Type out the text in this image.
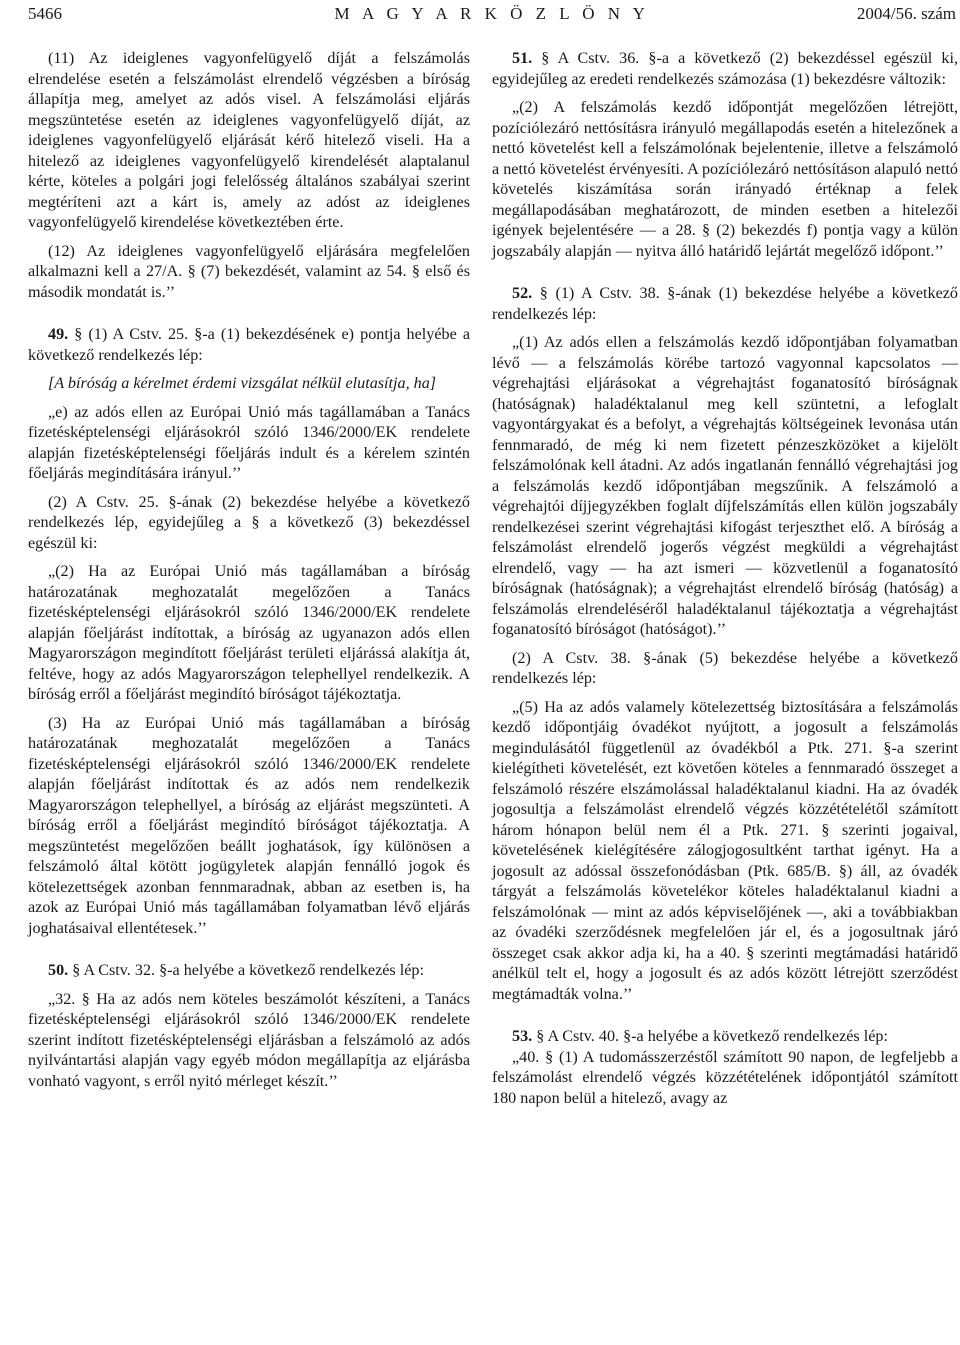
5466	M A G Y A R K Ö Z L Ö N Y	2004/56. szám

(11) Az ideiglenes vagyonfelügyelő díját a felszámolás elrendelése esetén a felszámolást elrendelő végzésben a bíróság állapítja meg, amelyet az adós visel. A felszámolási eljárás megszüntetése esetén az ideiglenes vagyonfelügyelő díját, az ideiglenes vagyonfelügyelő eljárását kérő hitelező viseli. Ha a hitelező az ideiglenes vagyonfelügyelő kirendelését alaptalanul kérte, köteles a polgári jogi felelősség általános szabályai szerint megtéríteni azt a kárt is, amely az adóst az ideiglenes vagyonfelügyelő kirendelése következtében érte.

(12) Az ideiglenes vagyonfelügyelő eljárására megfelelően alkalmazni kell a 27/A. § (7) bekezdését, valamint az 54. § első és második mondatát is.’’

49. § (1) A Cstv. 25. §-a (1) bekezdésének e) pontja helyébe a következő rendelkezés lép:

[A bíróság a kérelmet érdemi vizsgálat nélkül elutasítja, ha]

„e) az adós ellen az Európai Unió más tagállamában a Tanács fizetésképtelenségi eljárásokról szóló 1346/2000/EK rendelete alapján fizetésképtelenségi főeljárás indult és a kérelem szintén főeljárás megindítására irányul.’’

(2) A Cstv. 25. §-ának (2) bekezdése helyébe a következő rendelkezés lép, egyidejűleg a § a következő (3) bekezdéssel egészül ki:

„(2) Ha az Európai Unió más tagállamában a bíróság határozatának meghozatalát megelőzően a Tanács fizetésképtelenségi eljárásokról szóló 1346/2000/EK rendelete alapján főeljárást indítottak, a bíróság az ugyanazon adós ellen Magyarországon megindított főeljárást területi eljárássá alakítja át, feltéve, hogy az adós Magyarországon telephellyel rendelkezik. A bíróság erről a főeljárást megindító bíróságot tájékoztatja.

(3) Ha az Európai Unió más tagállamában a bíróság határozatának meghozatalát megelőzően a Tanács fizetésképtelenségi eljárásokról szóló 1346/2000/EK rendelete alapján főeljárást indítottak és az adós nem rendelkezik Magyarországon telephellyel, a bíróság az eljárást megszünteti. A bíróság erről a főeljárást megindító bíróságot tájékoztatja. A megszüntetést megelőzően beállt joghatások, így különösen a felszámoló által kötött jogügyletek alapján fennálló jogok és kötelezettségek azonban fennmaradnak, abban az esetben is, ha azok az Európai Unió más tagállamában folyamatban lévő eljárás joghatásaival ellentétesek.’’

50. § A Cstv. 32. §-a helyébe a következő rendelkezés lép:

„32. § Ha az adós nem köteles beszámolót készíteni, a Tanács fizetésképtelenségi eljárásokról szóló 1346/2000/EK rendelete szerint indított fizetésképtelenségi eljárásban a felszámoló az adós nyilvántartási alapján vagy egyéb módon megállapítja az eljárásba vonható vagyont, s erről nyitó mérleget készít.’’

51. § A Cstv. 36. §-a a következő (2) bekezdéssel egészül ki, egyidejűleg az eredeti rendelkezés számozása (1) bekezdésre változik:

„(2) A felszámolás kezdő időpontját megelőzően létrejött, pozíciólezáró nettósításra irányuló megállapodás esetén a hitelezőnek a nettó követelést kell a felszámolónak bejelentenie, illetve a felszámoló a nettó követelést érvényesíti. A pozíciólezáró nettósításon alapuló nettó követelés kiszámítása során irányadó értéknap a felek megállapodásában meghatározott, de minden esetben a hitelezői igények bejelentésére — a 28. § (2) bekezdés f) pontja vagy a külön jogszabály alapján — nyitva álló határidő lejártát megelőző időpont.’’

52. § (1) A Cstv. 38. §-ának (1) bekezdése helyébe a következő rendelkezés lép:

„(1) Az adós ellen a felszámolás kezdő időpontjában folyamatban lévő — a felszámolás körébe tartozó vagyonnal kapcsolatos — végrehajtási eljárásokat a végrehajtást foganatosító bíróságnak (hatóságnak) haladéktalanul meg kell szüntetni, a lefoglalt vagyontárgyakat és a befolyt, a végrehajtás költségeinek levonása után fennmaradó, de még ki nem fizetett pénzeszközöket a kijelölt felszámolónak kell átadni. Az adós ingatlanán fennálló végrehajtási jog a felszámolás kezdő időpontjában megszűnik. A felszámoló a végrehajtói díjjegyzékben foglalt díjfelszámítás ellen külön jogszabály rendelkezései szerint végrehajtási kifogást terjeszthet elő. A bíróság a felszámolást elrendelő jogerős végzést megküldi a végrehajtást elrendelő, vagy — ha azt ismeri — közvetlenül a foganatosító bíróságnak (hatóságnak); a végrehajtást elrendelő bíróság (hatóság) a felszámolás elrendeléséről haladéktalanul tájékoztatja a végrehajtást foganatosító bíróságot (hatóságot).’’

(2) A Cstv. 38. §-ának (5) bekezdése helyébe a következő rendelkezés lép:

„(5) Ha az adós valamely kötelezettség biztosítására a felszámolás kezdő időpontjáig óvadékot nyújtott, a jogosult a felszámolás megindulásától függetlenül az óvadékból a Ptk. 271. §-a szerint kielégítheti követelését, ezt követően köteles a fennmaradó összeget a felszámoló részére elszámolással haladéktalanul kiadni. Ha az óvadék jogosultja a felszámolást elrendelő végzés közzétételétől számított három hónapon belül nem él a Ptk. 271. § szerinti jogaival, követelésének kielégítésére zálogjogosultként tarthat igényt. Ha a jogosult az adóssal összefonódásban (Ptk. 685/B. §) áll, az óvadék tárgyát a felszámolás követelékor köteles haladéktalanul kiadni a felszámolónak — mint az adós képviselőjének —, aki a továbbiakban az óvadéki szerződésnek megfelelően jár el, és a jogosultnak járó összeget csak akkor adja ki, ha a 40. § szerinti megtámadási határidő anélkül telt el, hogy a jogosult és az adós között létrejött szerződést megtámadták volna.’’

53. § A Cstv. 40. §-a helyébe a következő rendelkezés lép:

„40. § (1) A tudomásszerzéstől számított 90 napon, de legfeljebb a felszámolást elrendelő végzés közzétételének időpontjától számított 180 napon belül a hitelező, avagy az
